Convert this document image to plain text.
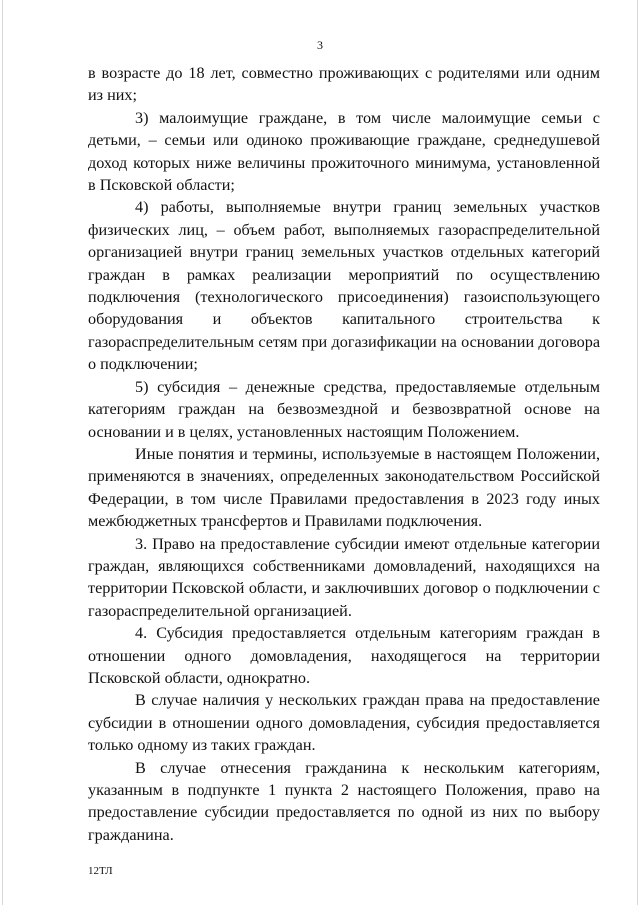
3

в возрасте до 18 лет, совместно проживающих с родителями или одним из них;

3) малоимущие граждане, в том числе малоимущие семьи с детьми, – семьи или одиноко проживающие граждане, среднедушевой доход которых ниже величины прожиточного минимума, установленной в Псковской области;

4) работы, выполняемые внутри границ земельных участков физических лиц, – объем работ, выполняемых газораспределительной организацией внутри границ земельных участков отдельных категорий граждан в рамках реализации мероприятий по осуществлению подключения (технологического присоединения) газоиспользующего оборудования и объектов капитального строительства к газораспределительным сетям при догазификации на основании договора о подключении;

5) субсидия – денежные средства, предоставляемые отдельным категориям граждан на безвозмездной и безвозвратной основе на основании и в целях, установленных настоящим Положением.

Иные понятия и термины, используемые в настоящем Положении, применяются в значениях, определенных законодательством Российской Федерации, в том числе Правилами предоставления в 2023 году иных межбюджетных трансфертов и Правилами подключения.

3. Право на предоставление субсидии имеют отдельные категории граждан, являющихся собственниками домовладений, находящихся на территории Псковской области, и заключивших договор о подключении с газораспределительной организацией.

4. Субсидия предоставляется отдельным категориям граждан в отношении одного домовладения, находящегося на территории Псковской области, однократно.

В случае наличия у нескольких граждан права на предоставление субсидии в отношении одного домовладения, субсидия предоставляется только одному из таких граждан.

В случае отнесения гражданина к нескольким категориям, указанным в подпункте 1 пункта 2 настоящего Положения, право на предоставление субсидии предоставляется по одной из них по выбору гражданина.

12ТЛ
